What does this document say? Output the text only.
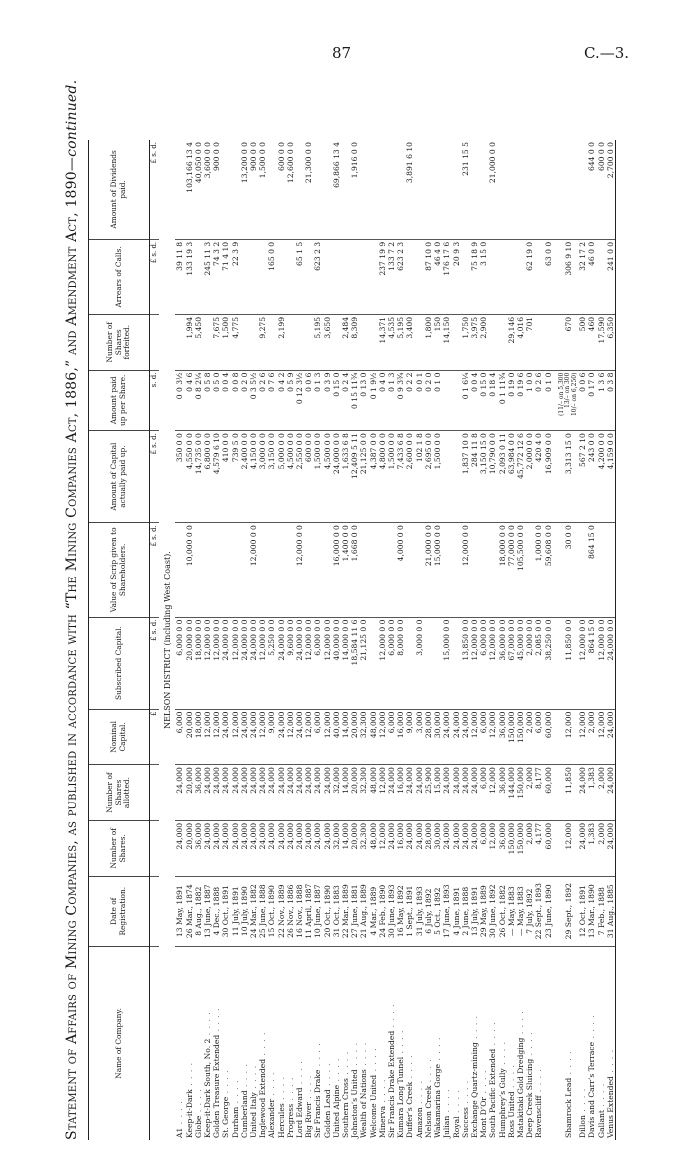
87	C.—3.
Statement of Affairs of Mining Companies, as published in accordance with “The Mining Companies Act, 1886,” and Amendment Act, 1890—continued.
Name of Company.	Date of Registration.	Number of Shares.	Number of Shares allotted.	Nominal Capital.	Subscribed Capital.	Value of Scrip given to Shareholders.	Amount of Capital actually paid up.	Amount paid up per Share.	Number of Shares forfeited.	Arrears of Calls.	Amount of Dividends paid.
				£	£ s. d.	£ s. d.	£ s. d.	s. d.		£ s. d.	£ s. d.
NELSON DISTRICT (including West Coast).											
A1 . . . .	13 May, 1891	24,000	24,000	6,000	6,000 0 0		350 0 0	0 0 3½		39 11 8	
Keep-it-Dark . . . .	26 Mar., 1874	20,000	20,000	20,000	20,000 0 0	10,000 0 0	4,550 0 0	0 4 6	1,994	133 19 3	103,166 13 4
Globe . . . .	8 Aug., 1882	36,000	36,000	18,000	18,000 0 0		14,735 0 0	0 8 2¼	5,450		40,050 0 0
Keep-it-Dark South, No. 2 . . . .	13 June, 1887	24,000	24,000	12,000	12,000 0 0		6,800 0 0	0 5 8		245 11 3	3,600 0 0
Golden Treasure Extended . . . .	4 Dec., 1888	24,000	24,000	12,000	12,000 0 0		4,579 6 10	0 5 0	7,675	74 3 2	900 0 0
St. George . . . .	30 Oct., 1891	24,000	24,000	24,000	24,000 0 0		410 0 0	0 0 4	1,500	71 4 10	
Durham . . . .	11 July, 1891	24,000	24,000	12,000	12,000 0 0		739 5 0	0 0 8	4,775	22 3 9	
Cumberland . . . .	10 July, 1890	24,000	24,000	24,000	24,000 0 0		2,400 0 0	0 2 0			13,200 0 0
United Italy . . . .	24 Mar., 1882	24,000	24,000	24,000	24,000 0 0	12,000 0 0	4,150 0 0	0 3 5½			900 0 0
Inglewood Extended . . . .	25 June, 1888	24,000	24,000	12,000	12,000 0 0		3,000 0 0	0 2 6	9,275		1,500 0 0
Alexander . . . .	15 Oct., 1890	24,000	24,000	9,000	5,250 0 0		3,150 0 0	0 7 6		165 0 0	
Hercules . . . .	22 Nov., 1889	24,000	24,000	24,000	24,000 0 0		5,000 0 0	0 4 2	2,199		600 0 0
Progress . . . .	26 Nov., 1886	24,000	24,000	12,000	9,600 0 0		4,500 0 0	0 5 9			12,600 0 0
Lord Edward . . . .	16 Nov., 1888	24,000	24,000	24,000	24,000 0 0	12,000 0 0	2,550 0 0	0 12 3½		65 1 5	
Big River . . . .	11 April, 1887	24,000	24,000	12,000	12,000 0 0		600 0 0	0 0 6			21,300 0 0
Sir Francis Drake . . . .	10 June, 1887	24,000	24,000	6,000	6,000 0 0		1,500 0 0	0 1 3	5,195	623 2 3	
Golden Lead . . . .	20 Oct., 1890	24,000	24,000	12,000	12,000 0 0		4,500 0 0	0 3 9	3,650		
United Alpine . . . .	31 Oct., 1883	32,000	32,000	40,000	40,000 0 0	16,000 0 0	24,000 0 0	0 15 0			69,866 13 4
Southern Cross . . . .	22 Mar., 1889	14,000	14,000	14,000	14,000 0 0	1,400 0 0	1,633 6 8	0 2 4	2,484		
Johnston’s United . . . .	27 June, 1881	20,000	20,000	20,000	18,584 11 6	1,668 0 0	12,409 5 11	0 15 11¾	8,309		1,916 0 0
Wealth of Nations . . . .	21 Aug., 1889	32,300	32,300	32,300	21,125 0 0		21,125 0 0	0 13 0			
Welcome United . . . .	4 Mar., 1889	48,000	48,000	48,000			4,387 0 0	0 1 9½			
Minerva . . . .	24 Feb., 1890	12,000	12,000	12,000	12,000 0 0		4,800 0 0	0 4 0	14,371	237 19 9	
Sir Francis Drake Extended . . . .	30 June, 1893	24,000	24,000	6,000	6,000 0 0		1,500 0 0	0 1 3	4,535	133 7 2	
Kumara Long Tunnel . . . .	16 May, 1892	16,000	16,000	16,000	8,000 0 0	4,000 0 0	7,433 6 8	0 9 3¾	5,195	623 2 3	
Duffer’s Creek . . . .	1 Sept., 1891	24,000	24,000	9,000			2,600 0 0	0 2 2	3,400		3,891 6 10
Amazon . . . .	31 July, 1893	24,000	24,000	3,000	3,000 0 0		102 1 8	0 0 1			
Nelson Creek . . . .	6 July, 1892	28,000	25,900	28,000		21,000 0 0	2,695 0 0	0 2 0	1,800	87 10 0	
Wakamarina Gorge . . . .	5 Oct., 1892	30,000	15,000	30,000		15,000 0 0	1,500 0 0	0 1 0	150	46 4 0	
Julian . . . .	17 June, 1893	24,000	24,000	24,000	15,000 0 0				14,150	176 17 6	
Royal . . . .	4 June, 1891	24,000	24,000	24,000						20 9 3	
Success . . . .	2 June, 1888	24,000	24,000	24,000	13,850 0 0	12,000 0 0	1,837 10 0	0 1 6¼	1,750		231 15 5
Exchange Quartz-mining . . . .	13 July, 1891	24,000	24,000	12,000	12,000 0 0		284 11 8	0 0 4	3,975	75 18 9	
Mont D’Or . . . .	29 May, 1889	6,000	6,000	6,000	6,000 0 0		3,150 15 0	0 15 0	2,900	3 15 0	
South Pacific Extended . . . .	30 June, 1892	12,000	12,000	12,000	12,000 0 0		10,790 0 0	0 18 4			21,000 0 0
Humphrey’s Gully . . . .	26 Oct., 1882	36,000	36,000	36,000	36,000 0 0	18,000 0 0	2,093 0 11	0 1 11¾			
Ross United . . . .	— May, 1883	150,000	144,000	150,000	67,000 0 0	77,000 0 0	63,984 0 0	0 19 0	29,146		
Matakitaki Gold Dredging . . . .	— May, 1883	150,000	150,000	150,000	45,000 0 0	105,500 0 0	45,772 12 6	0 19 6	4,016		
Deep Creek Sluicing . . . .	7 July, 1892	2,000	2,000	2,000	2,000 0 0		2,000 0 0	1 0 0	701	62 19 0	
Ravenscliff . . . .	22 Sept., 1893	4,177	8,177	6,000	2,085 0 0	1,000 0 0	420 4 0	0 2 6			
	23 June, 1890	60,000	60,000	60,000	38,250 0 0	59,608 0 0	16,909 0 0	0 1 0		63 0 0	

Shamrock Lead . . . .	29 Sept., 1892	12,000	11,850	12,000	11,850 0 0	30 0 0	3,313 15 0	(11/– on 5,300
13/– on 300
10/– on 6,250)	670	306 9 10	
Dillon . . . .	12 Oct., 1891	24,000	24,000	12,000	12,000 0 0		567 2 10	0 0 6	500	32 17 2	
Davis and Carr’s Terrace . . . .	13 Mar., 1890	1,383	1,383	2,000	864 15 0	864 15 0	243 0 0	0 17 0	460	46 0 0	644 0 0
Gallant . . . .	7 Feb., 1888	2,000	2,000	12,000	12,000 0 0		4,200 0 0	1 3 6	17,590		600 0 0
Venus Extended . . . .	31 Aug., 1885	24,000	24,000	24,000	24,000 0 0		4,159 0 0	0 3 8	6,350	241 0 0	2,700 0 0
